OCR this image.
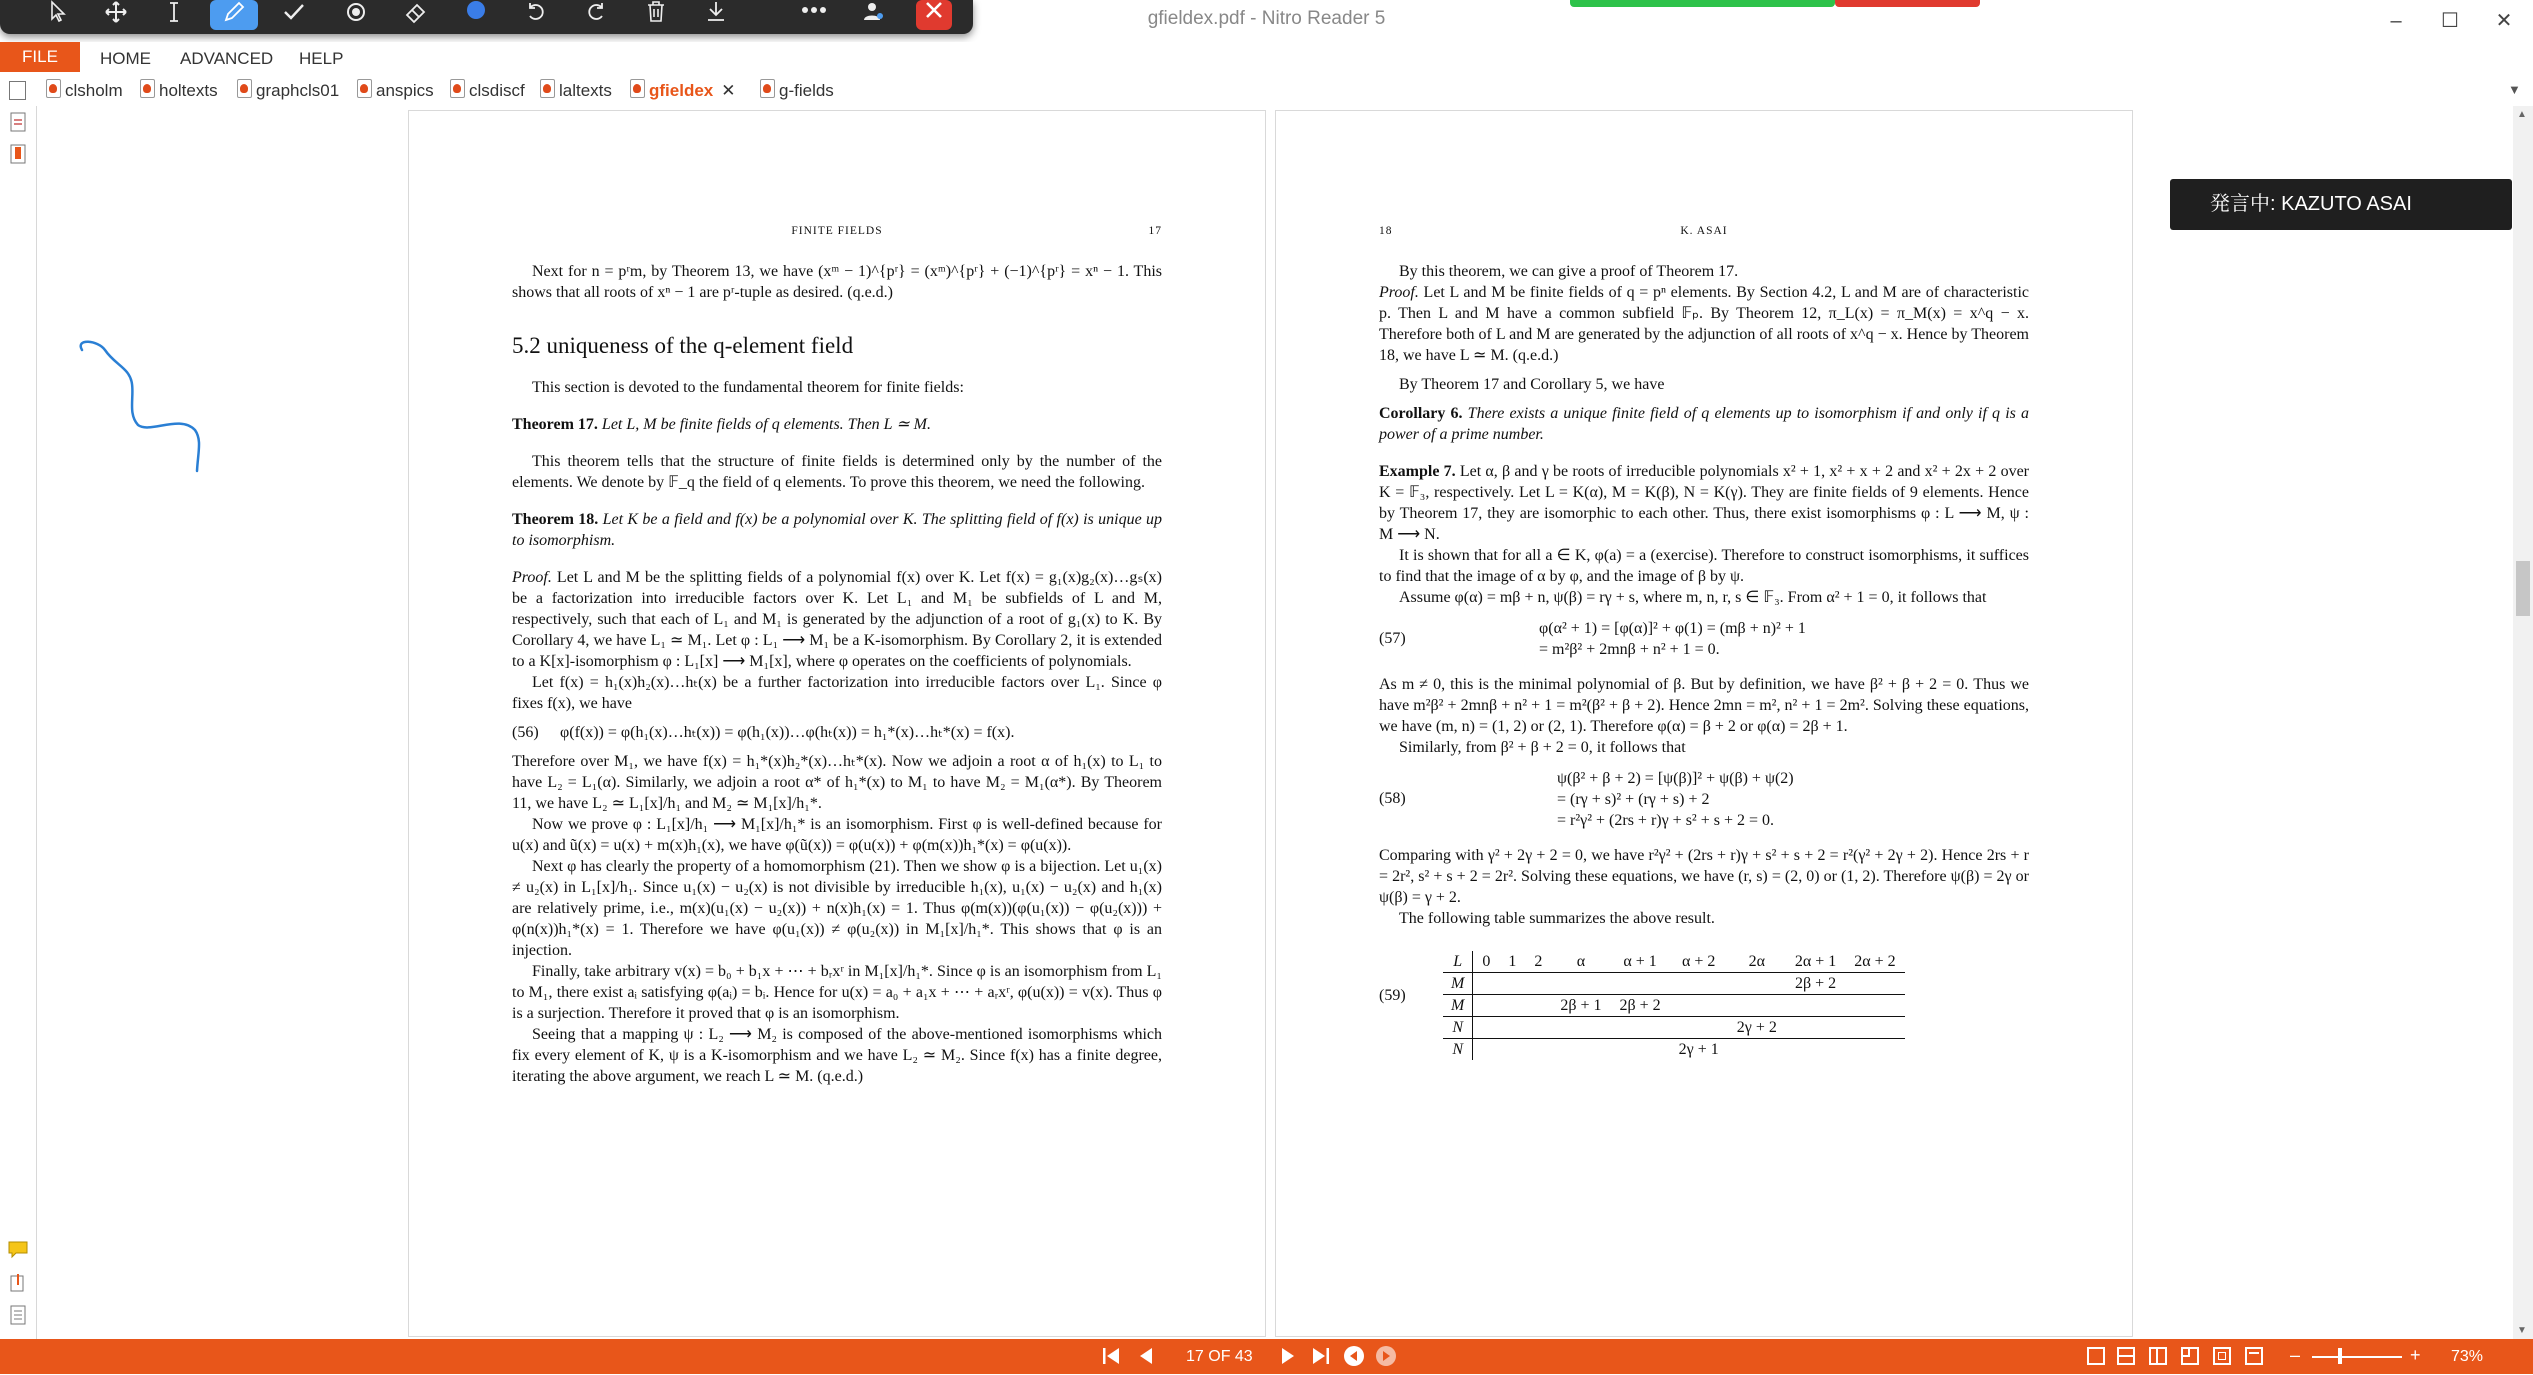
gfieldex.pdf - Nitro Reader 5	–	☐	✕
FILE	HOME ADVANCED HELP
clsholm	holtexts	graphcls01	anspics	clsdiscf	laltexts	gfieldex ✕	g-fields	▼
FINITE FIELDS	17

Next for n = pʳm, by Theorem 13, we have (xᵐ − 1)^{pʳ} = (xᵐ)^{pʳ} + (−1)^{pʳ} = xⁿ − 1. This shows that all roots of xⁿ − 1 are pʳ-tuple as desired. (q.e.d.)

5.2 uniqueness of the q-element field

This section is devoted to the fundamental theorem for finite fields:

Theorem 17. Let L, M be finite fields of q elements. Then L ≃ M.

This theorem tells that the structure of finite fields is determined only by the number of the elements. We denote by 𝔽_q the field of q elements. To prove this theorem, we need the following.

Theorem 18. Let K be a field and f(x) be a polynomial over K. The splitting field of f(x) is unique up to isomorphism.

Proof. Let L and M be the splitting fields of a polynomial f(x) over K. Let f(x) = g₁(x)g₂(x)…gₛ(x) be a factorization into irreducible factors over K. Let L₁ and M₁ be subfields of L and M, respectively, such that each of L₁ and M₁ is generated by the adjunction of a root of g₁(x) to K. By Corollary 4, we have L₁ ≃ M₁. Let φ : L₁ ⟶ M₁ be a K-isomorphism. By Corollary 2, it is extended to a K[x]-isomorphism φ : L₁[x] ⟶ M₁[x], where φ operates on the coefficients of polynomials.

Let f(x) = h₁(x)h₂(x)…hₜ(x) be a further factorization into irreducible factors over L₁. Since φ fixes f(x), we have

(56) φ(f(x)) = φ(h₁(x)…hₜ(x)) = φ(h₁(x))…φ(hₜ(x)) = h₁*(x)…hₜ*(x) = f(x).

Therefore over M₁, we have f(x) = h₁*(x)h₂*(x)…hₜ*(x). Now we adjoin a root α of h₁(x) to L₁ to have L₂ = L₁(α). Similarly, we adjoin a root α* of h₁*(x) to M₁ to have M₂ = M₁(α*). By Theorem 11, we have L₂ ≃ L₁[x]/h₁ and M₂ ≃ M₁[x]/h₁*.

Now we prove φ : L₁[x]/h₁ ⟶ M₁[x]/h₁* is an isomorphism. First φ is well-defined because for u(x) and ũ(x) = u(x) + m(x)h₁(x), we have φ(ũ(x)) = φ(u(x)) + φ(m(x))h₁*(x) = φ(u(x)).

Next φ has clearly the property of a homomorphism (21). Then we show φ is a bijection. Let u₁(x) ≠ u₂(x) in L₁[x]/h₁. Since u₁(x) − u₂(x) is not divisible by irreducible h₁(x), u₁(x) − u₂(x) and h₁(x) are relatively prime, i.e., m(x)(u₁(x) − u₂(x)) + n(x)h₁(x) = 1. Thus φ(m(x))(φ(u₁(x)) − φ(u₂(x))) + φ(n(x))h₁*(x) = 1. Therefore we have φ(u₁(x)) ≠ φ(u₂(x)) in M₁[x]/h₁*. This shows that φ is an injection.

Finally, take arbitrary v(x) = b₀ + b₁x + ⋯ + bᵣxʳ in M₁[x]/h₁*. Since φ is an isomorphism from L₁ to M₁, there exist aᵢ satisfying φ(aᵢ) = bᵢ. Hence for u(x) = a₀ + a₁x + ⋯ + aᵣxʳ, φ(u(x)) = v(x). Thus φ is a surjection. Therefore it proved that φ is an isomorphism.

Seeing that a mapping ψ : L₂ ⟶ M₂ is composed of the above-mentioned isomorphisms which fix every element of K, ψ is a K-isomorphism and we have L₂ ≃ M₂. Since f(x) has a finite degree, iterating the above argument, we reach L ≃ M. (q.e.d.)

18	K. ASAI

By this theorem, we can give a proof of Theorem 17.

Proof. Let L and M be finite fields of q = pⁿ elements. By Section 4.2, L and M are of characteristic p. Then L and M have a common subfield 𝔽ₚ. By Theorem 12, π_L(x) = π_M(x) = x^q − x. Therefore both of L and M are generated by the adjunction of all roots of x^q − x. Hence by Theorem 18, we have L ≃ M. (q.e.d.)

By Theorem 17 and Corollary 5, we have

Corollary 6. There exists a unique finite field of q elements up to isomorphism if and only if q is a power of a prime number.

Example 7. Let α, β and γ be roots of irreducible polynomials x² + 1, x² + x + 2 and x² + 2x + 2 over K = 𝔽₃, respectively. Let L = K(α), M = K(β), N = K(γ). They are finite fields of 9 elements. Hence by Theorem 17, they are isomorphic to each other. Thus, there exist isomorphisms φ : L ⟶ M, ψ : M ⟶ N.

It is shown that for all a ∈ K, φ(a) = a (exercise). Therefore to construct isomorphisms, it suffices to find that the image of α by φ, and the image of β by ψ.

Assume φ(α) = mβ + n, ψ(β) = rγ + s, where m, n, r, s ∈ 𝔽₃. From α² + 1 = 0, it follows that

(57)
φ(α² + 1) = [φ(α)]² + φ(1) = (mβ + n)² + 1
= m²β² + 2mnβ + n² + 1 = 0.

As m ≠ 0, this is the minimal polynomial of β. But by definition, we have β² + β + 2 = 0. Thus we have m²β² + 2mnβ + n² + 1 = m²(β² + β + 2). Hence 2mn = m², n² + 1 = 2m². Solving these equations, we have (m, n) = (1, 2) or (2, 1). Therefore φ(α) = β + 2 or φ(α) = 2β + 1.

Similarly, from β² + β + 2 = 0, it follows that

(58)
ψ(β² + β + 2) = [ψ(β)]² + ψ(β) + ψ(2)
= (rγ + s)² + (rγ + s) + 2
= r²γ² + (2rs + r)γ + s² + s + 2 = 0.

Comparing with γ² + 2γ + 2 = 0, we have r²γ² + (2rs + r)γ + s² + s + 2 = r²(γ² + 2γ + 2). Hence 2rs + r = 2r², s² + s + 2 = 2r². Solving these equations, we have (r, s) = (2, 0) or (1, 2). Therefore ψ(β) = 2γ or ψ(β) = γ + 2.

The following table summarizes the above result.

(59)
L	0	1	2	α	α + 1	α + 2	2α	2α + 1	2α + 2
M								2β + 2	
M				2β + 1	2β + 2				
N							2γ + 2		
N						2γ + 1			
発言中: KAZUTO ASAI
▲
▼
17 OF 43	–	+ 73%
